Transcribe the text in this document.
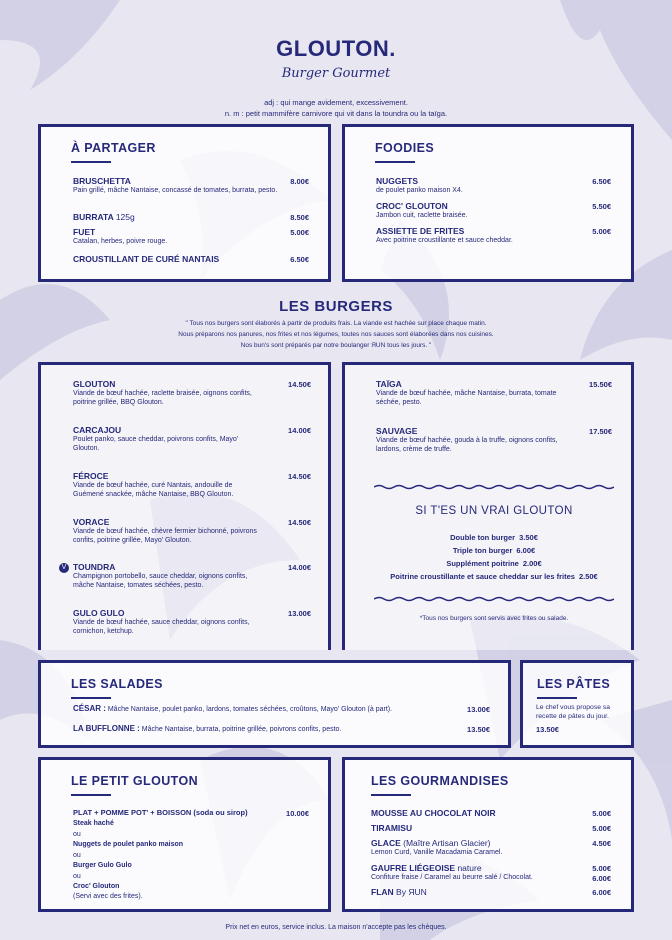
GLOUTON.
Burger Gourmet
adj : qui mange avidement, excessivement.
n. m : petit mammifère carnivore qui vit dans la toundra ou la taïga.
À PARTAGER
BRUSCHETTA
Pain grillé, mâche Nantaise, concassé de tomates, burrata, pesto.
8.00€
BURRATA 125g	8.50€
FUET
Catalan, herbes, poivre rouge.
5.00€
CROUSTILLANT DE CURÉ NANTAIS	6.50€
FOODIES
NUGGETS
de poulet panko maison X4.
6.50€
CROC' GLOUTON
Jambon cuit, raclette braisée.
5.50€
ASSIETTE DE FRITES
Avec poitrine croustillante et sauce cheddar.
5.00€
LES BURGERS
" Tous nos burgers sont élaborés à partir de produits frais. La viande est hachée sur place chaque matin.
Nous préparons nos panures, nos frites et nos légumes, toutes nos sauces sont élaborées dans nos cuisines.
Nos bun's sont préparés par notre boulanger ЯUN tous les jours. "
GLOUTON
Viande de bœuf hachée, raclette braisée, oignons confits, poitrine grillée, BBQ Glouton.
14.50€
CARCAJOU
Poulet panko, sauce cheddar, poivrons confits, Mayo' Glouton.
14.00€
FÉROCE
Viande de bœuf hachée, curé Nantais, andouille de Guémené snackée, mâche Nantaise, BBQ Glouton.
14.50€
VORACE
Viande de bœuf hachée, chèvre fermier bichonné, poivrons confits, poitrine grillée, Mayo' Glouton.
14.50€
V TOUNDRA
Champignon portobello, sauce cheddar, oignons confits, mâche Nantaise, tomates séchées, pesto.
14.00€
GULO GULO
Viande de bœuf hachée, sauce cheddar, oignons confits, cornichon, ketchup.
13.00€
TAÏGA
Viande de bœuf hachée, mâche Nantaise, burrata, tomate séchée, pesto.
15.50€
SAUVAGE
Viande de bœuf hachée, gouda à la truffe, oignons confits, lardons, crème de truffe.
17.50€
SI T'ES UN VRAI GLOUTON
Double ton burger 3.50€
Triple ton burger 6.00€
Supplément poitrine 2.00€
Poitrine croustillante et sauce cheddar sur les frites 2.50€
*Tous nos burgers sont servis avec frites ou salade.
LES SALADES
CÉSAR : Mâche Nantaise, poulet panko, lardons, tomates séchées, croûtons, Mayo' Glouton (à part).	13.00€
LA BUFFLONNE : Mâche Nantaise, burrata, poitrine grillée, poivrons confits, pesto.	13.50€
LES PÂTES
Le chef vous propose sa recette de pâtes du jour.
13.50€
LE PETIT GLOUTON
PLAT + POMME POT' + BOISSON (soda ou sirop)	10.00€
Steak haché
ou
Nuggets de poulet panko maison
ou
Burger Gulo Gulo
ou
Croc' Glouton
(Servi avec des frites).
LES GOURMANDISES
MOUSSE AU CHOCOLAT NOIR	5.00€
TIRAMISU	5.00€
GLACE (Maître Artisan Glacier)
Lemon Curd, Vanille Macadamia Caramel.
4.50€
GAUFRE LIÉGEOISE nature
Confiture fraise / Caramel au beurre salé / Chocolat.
5.00€
6.00€
FLAN By ЯUN	6.00€
Prix net en euros, service inclus. La maison n'accepte pas les chèques.
